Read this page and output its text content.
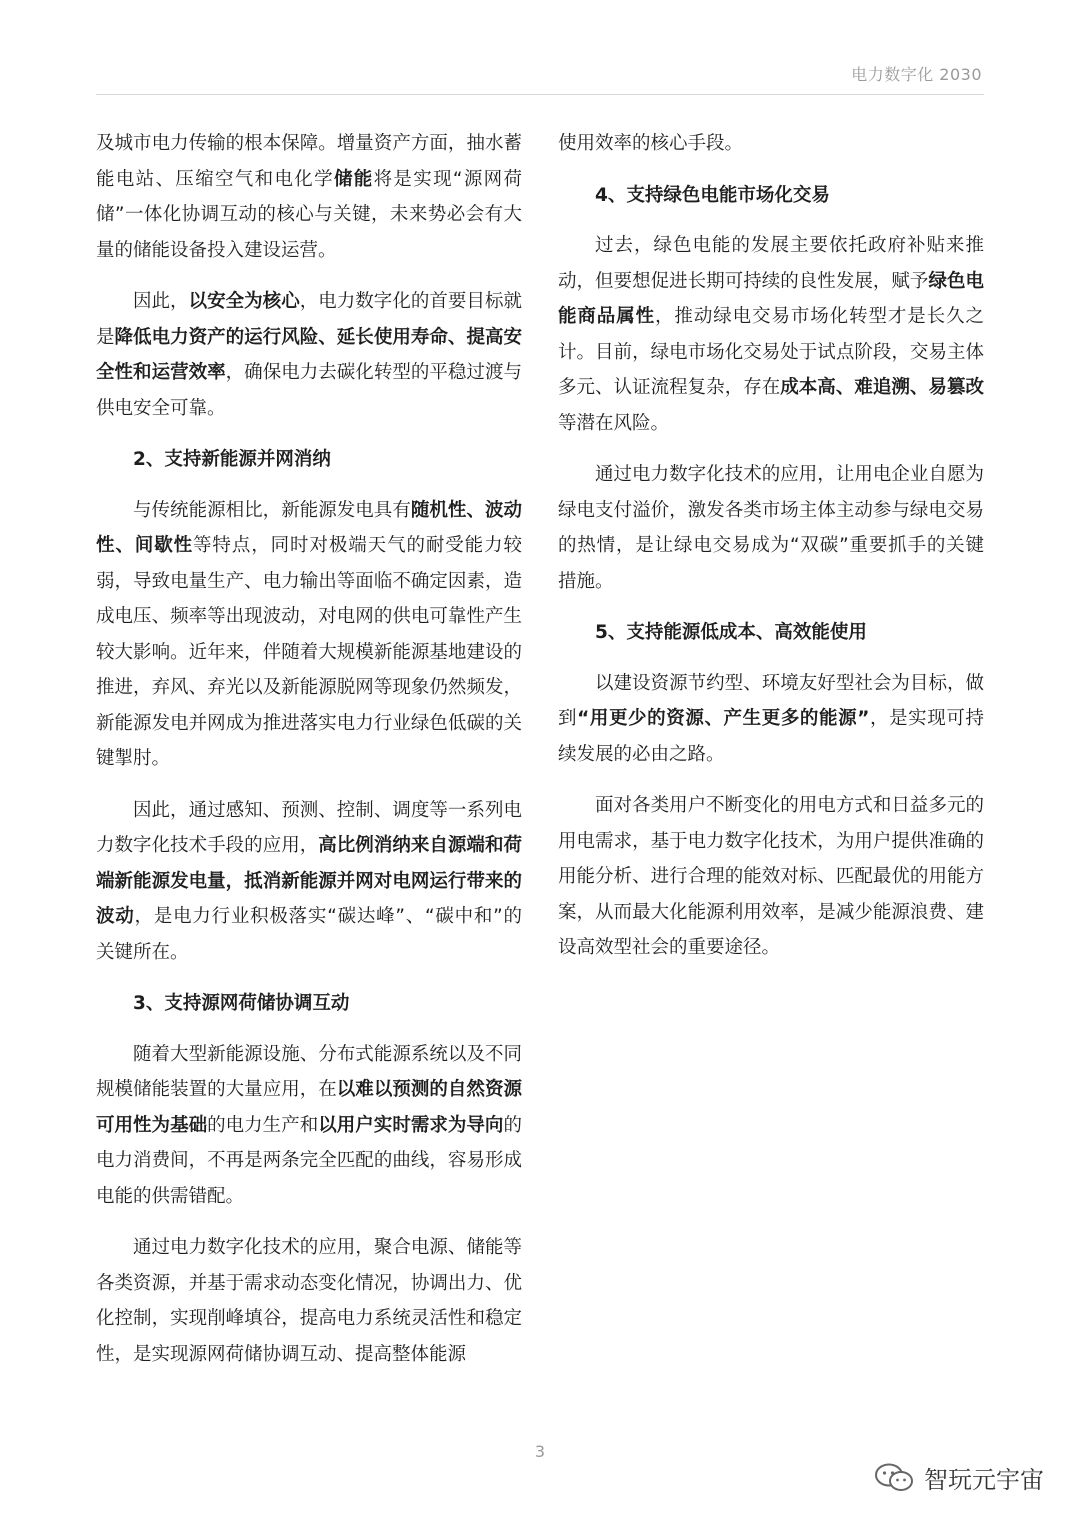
电力数字化 2030

及城市电力传输的根本保障。增量资产方面，抽水蓄能电站、压缩空气和电化学储能将是实现“源网荷储”一体化协调互动的核心与关键，未来势必会有大量的储能设备投入建设运营。

因此，以安全为核心，电力数字化的首要目标就是降低电力资产的运行风险、延长使用寿命、提高安全性和运营效率，确保电力去碳化转型的平稳过渡与供电安全可靠。

2、支持新能源并网消纳

与传统能源相比，新能源发电具有随机性、波动性、间歇性等特点，同时对极端天气的耐受能力较弱，导致电量生产、电力输出等面临不确定因素，造成电压、频率等出现波动，对电网的供电可靠性产生较大影响。近年来，伴随着大规模新能源基地建设的推进，弃风、弃光以及新能源脱网等现象仍然频发，新能源发电并网成为推进落实电力行业绿色低碳的关键掣肘。

因此，通过感知、预测、控制、调度等一系列电力数字化技术手段的应用，高比例消纳来自源端和荷端新能源发电量，抵消新能源并网对电网运行带来的波动，是电力行业积极落实“碳达峰”、“碳中和”的关键所在。

3、支持源网荷储协调互动

随着大型新能源设施、分布式能源系统以及不同规模储能装置的大量应用，在以难以预测的自然资源可用性为基础的电力生产和以用户实时需求为导向的电力消费间，不再是两条完全匹配的曲线，容易形成电能的供需错配。

通过电力数字化技术的应用，聚合电源、储能等各类资源，并基于需求动态变化情况，协调出力、优化控制，实现削峰填谷，提高电力系统灵活性和稳定性，是实现源网荷储协调互动、提高整体能源

使用效率的核心手段。

4、支持绿色电能市场化交易

过去，绿色电能的发展主要依托政府补贴来推动，但要想促进长期可持续的良性发展，赋予绿色电能商品属性，推动绿电交易市场化转型才是长久之计。目前，绿电市场化交易处于试点阶段，交易主体多元、认证流程复杂，存在成本高、难追溯、易篡改等潜在风险。

通过电力数字化技术的应用，让用电企业自愿为绿电支付溢价，激发各类市场主体主动参与绿电交易的热情，是让绿电交易成为“双碳”重要抓手的关键措施。

5、支持能源低成本、高效能使用

以建设资源节约型、环境友好型社会为目标，做到“用更少的资源、产生更多的能源”，是实现可持续发展的必由之路。

面对各类用户不断变化的用电方式和日益多元的用电需求，基于电力数字化技术，为用户提供准确的用能分析、进行合理的能效对标、匹配最优的用能方案，从而最大化能源利用效率，是减少能源浪费、建设高效型社会的重要途径。

3
智玩元宇宙
